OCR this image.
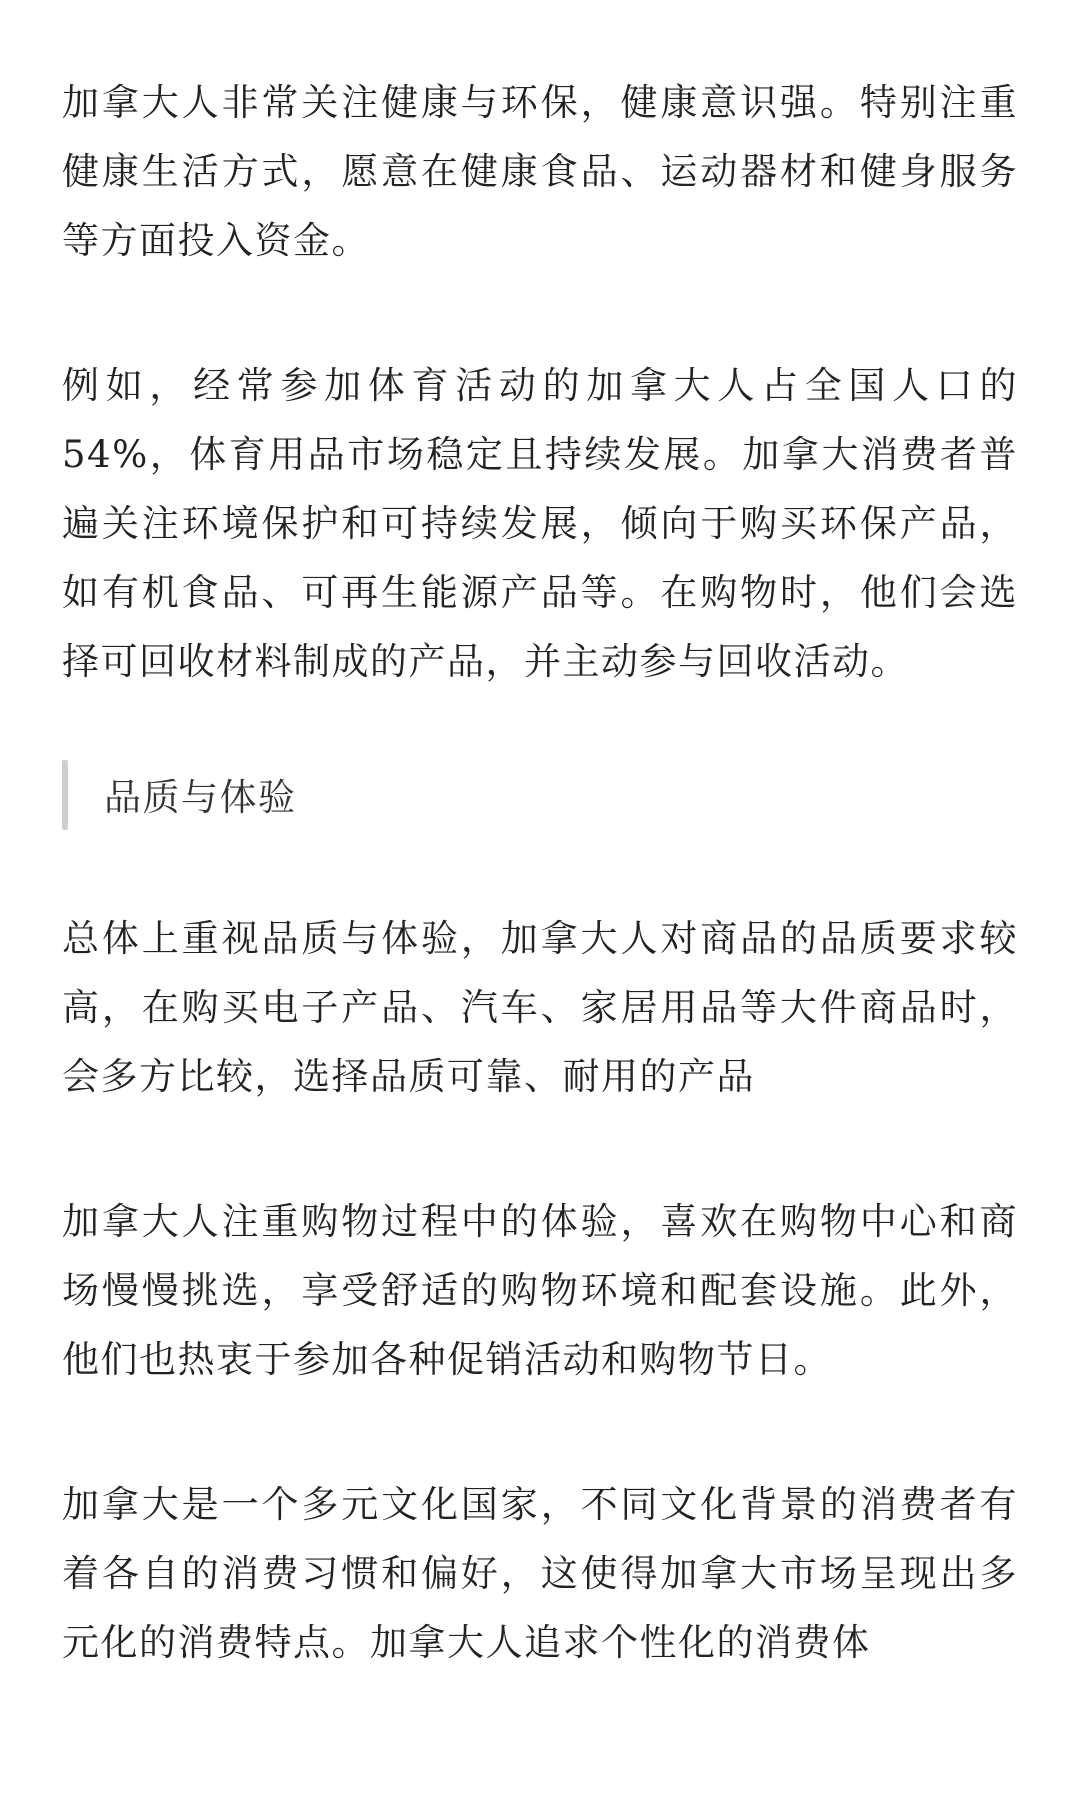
加拿大人非常关注健康与环保，健康意识强。特别注重健康生活方式，愿意在健康食品、运动器材和健身服务等方面投入资金。

例如，经常参加体育活动的加拿大人占全国人口的54%，体育用品市场稳定且持续发展。加拿大消费者普遍关注环境保护和可持续发展，倾向于购买环保产品，如有机食品、可再生能源产品等。在购物时，他们会选择可回收材料制成的产品，并主动参与回收活动。

品质与体验

总体上重视品质与体验，加拿大人对商品的品质要求较高，在购买电子产品、汽车、家居用品等大件商品时，会多方比较，选择品质可靠、耐用的产品

加拿大人注重购物过程中的体验，喜欢在购物中心和商场慢慢挑选，享受舒适的购物环境和配套设施。此外，他们也热衷于参加各种促销活动和购物节日。

加拿大是一个多元文化国家，不同文化背景的消费者有着各自的消费习惯和偏好，这使得加拿大市场呈现出多元化的消费特点。加拿大人追求个性化的消费体
